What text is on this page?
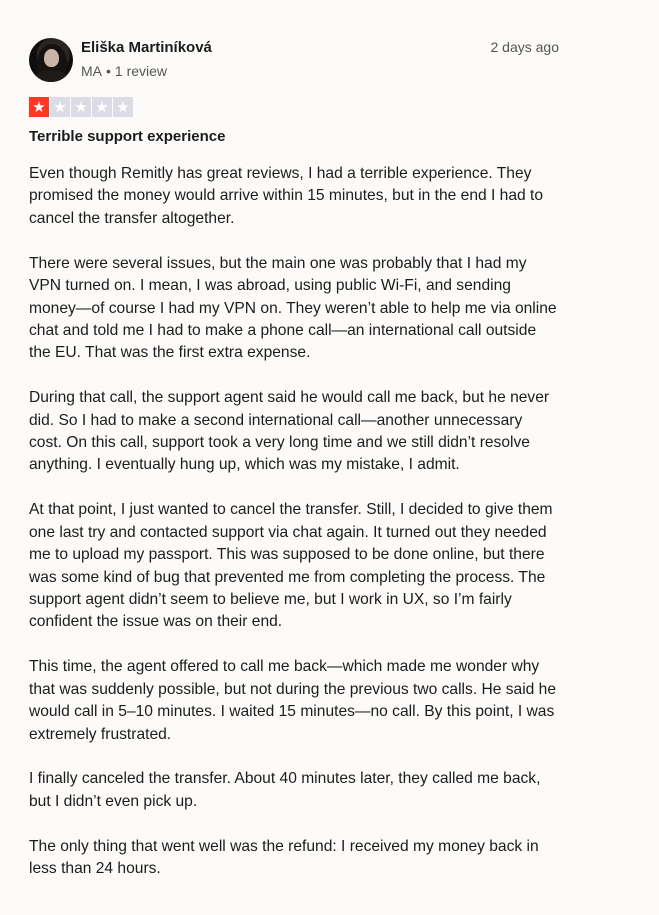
Eliška Martiníková
MA • 1 review
2 days ago
★ ★ ★ ★ ★
Terrible support experience

Even though Remitly has great reviews, I had a terrible experience. They promised the money would arrive within 15 minutes, but in the end I had to cancel the transfer altogether.

There were several issues, but the main one was probably that I had my VPN turned on. I mean, I was abroad, using public Wi-Fi, and sending money—of course I had my VPN on. They weren’t able to help me via online chat and told me I had to make a phone call—an international call outside the EU. That was the first extra expense.

During that call, the support agent said he would call me back, but he never did. So I had to make a second international call—another unnecessary cost. On this call, support took a very long time and we still didn’t resolve anything. I eventually hung up, which was my mistake, I admit.

At that point, I just wanted to cancel the transfer. Still, I decided to give them one last try and contacted support via chat again. It turned out they needed me to upload my passport. This was supposed to be done online, but there was some kind of bug that prevented me from completing the process. The support agent didn’t seem to believe me, but I work in UX, so I’m fairly confident the issue was on their end.

This time, the agent offered to call me back—which made me wonder why that was suddenly possible, but not during the previous two calls. He said he would call in 5–10 minutes. I waited 15 minutes—no call. By this point, I was extremely frustrated.

I finally canceled the transfer. About 40 minutes later, they called me back, but I didn’t even pick up.

The only thing that went well was the refund: I received my money back in less than 24 hours.
